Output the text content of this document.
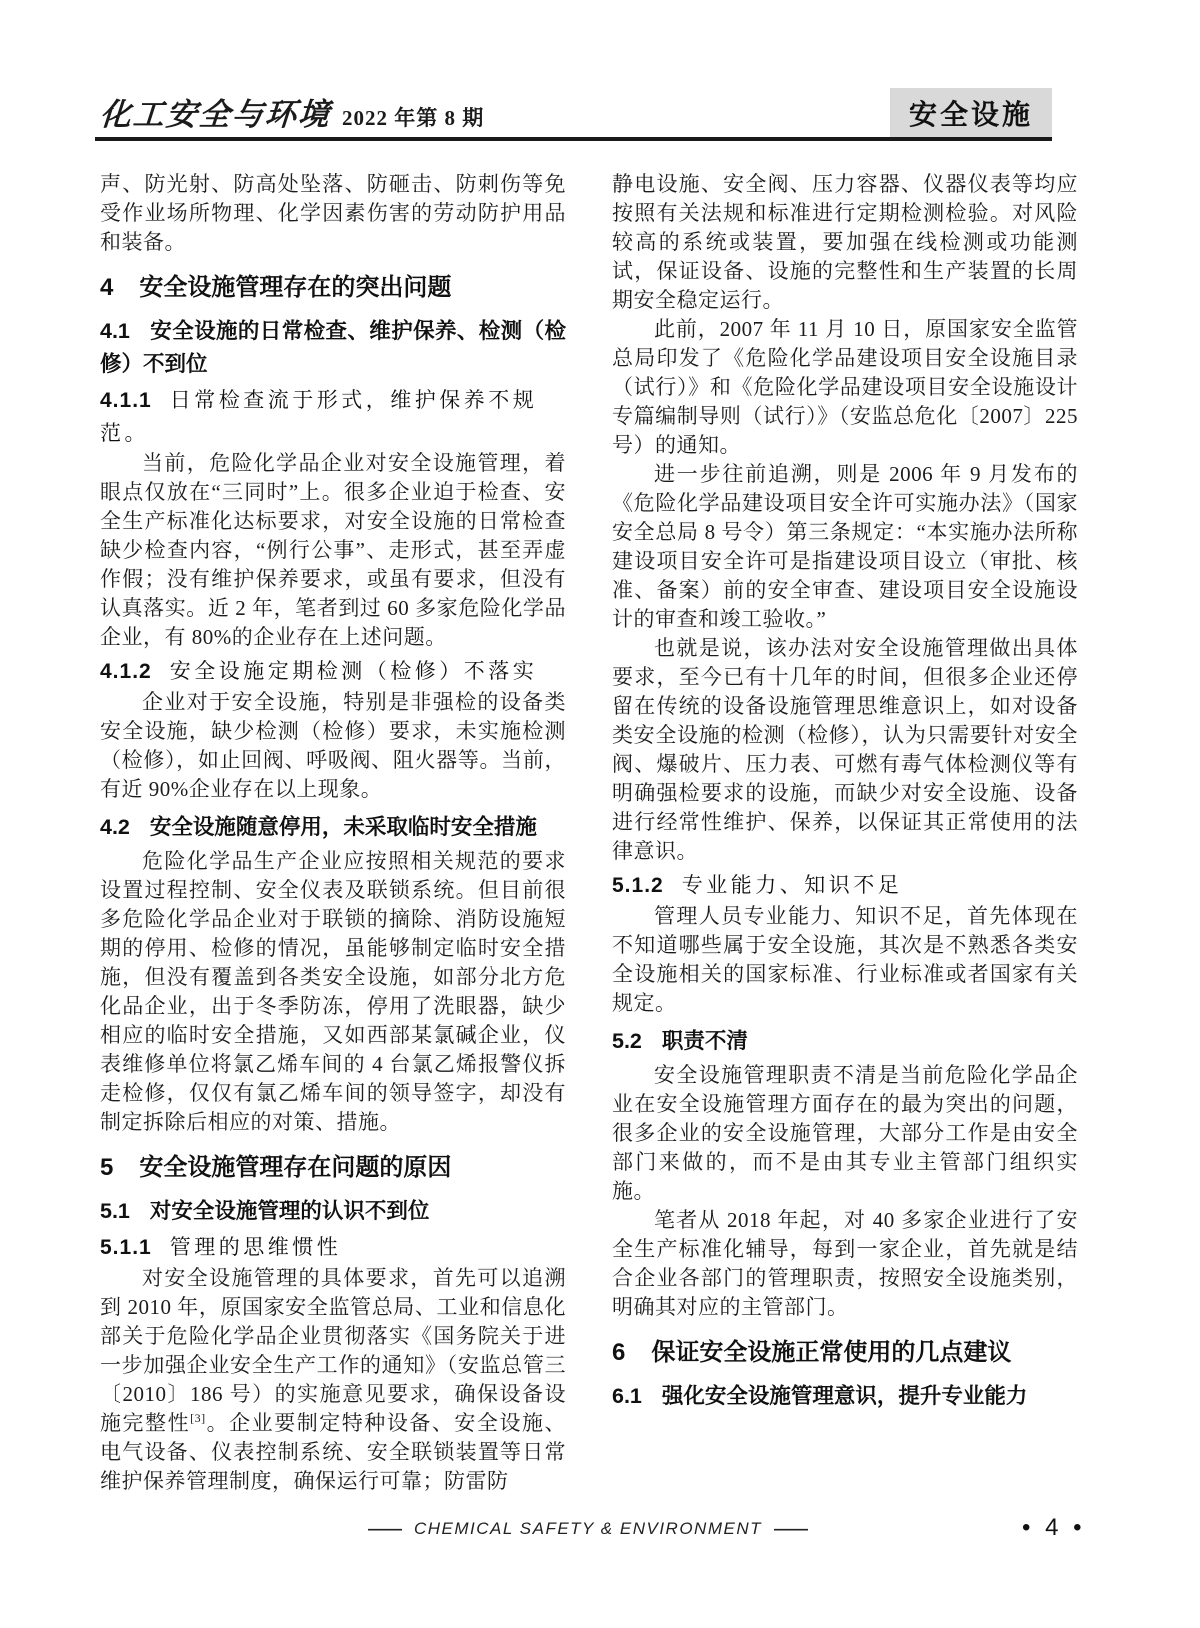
化工安全与环境 2022 年第 8 期	安全设施

声、防光射、防高处坠落、防砸击、防刺伤等免受作业场所物理、化学因素伤害的劳动防护用品和装备。

4 安全设施管理存在的突出问题
4.1 安全设施的日常检查、维护保养、检测（检修）不到位
4.1.1 日常检查流于形式，维护保养不规范。

当前，危险化学品企业对安全设施管理，着眼点仅放在“三同时”上。很多企业迫于检查、安全生产标准化达标要求，对安全设施的日常检查缺少检查内容，“例行公事”、走形式，甚至弄虚作假；没有维护保养要求，或虽有要求，但没有认真落实。近 2 年，笔者到过 60 多家危险化学品企业，有 80%的企业存在上述问题。

4.1.2 安全设施定期检测（检修）不落实

企业对于安全设施，特别是非强检的设备类安全设施，缺少检测（检修）要求，未实施检测（检修），如止回阀、呼吸阀、阻火器等。当前，有近 90%企业存在以上现象。

4.2 安全设施随意停用，未采取临时安全措施

危险化学品生产企业应按照相关规范的要求设置过程控制、安全仪表及联锁系统。但目前很多危险化学品企业对于联锁的摘除、消防设施短期的停用、检修的情况，虽能够制定临时安全措施，但没有覆盖到各类安全设施，如部分北方危化品企业，出于冬季防冻，停用了洗眼器，缺少相应的临时安全措施，又如西部某氯碱企业，仪表维修单位将氯乙烯车间的 4 台氯乙烯报警仪拆走检修，仅仅有氯乙烯车间的领导签字，却没有制定拆除后相应的对策、措施。

5 安全设施管理存在问题的原因
5.1 对安全设施管理的认识不到位
5.1.1 管理的思维惯性

对安全设施管理的具体要求，首先可以追溯到 2010 年，原国家安全监管总局、工业和信息化部关于危险化学品企业贯彻落实《国务院关于进一步加强企业安全生产工作的通知》（安监总管三〔2010〕186 号）的实施意见要求，确保设备设施完整性[3]。企业要制定特种设备、安全设施、电气设备、仪表控制系统、安全联锁装置等日常维护保养管理制度，确保运行可靠；防雷防

静电设施、安全阀、压力容器、仪器仪表等均应按照有关法规和标准进行定期检测检验。对风险较高的系统或装置，要加强在线检测或功能测试，保证设备、设施的完整性和生产装置的长周期安全稳定运行。

此前，2007 年 11 月 10 日，原国家安全监管总局印发了《危险化学品建设项目安全设施目录（试行）》和《危险化学品建设项目安全设施设计专篇编制导则（试行）》（安监总危化〔2007〕225 号）的通知。

进一步往前追溯，则是 2006 年 9 月发布的《危险化学品建设项目安全许可实施办法》（国家安全总局 8 号令）第三条规定：“本实施办法所称建设项目安全许可是指建设项目设立（审批、核准、备案）前的安全审查、建设项目安全设施设计的审查和竣工验收。”

也就是说，该办法对安全设施管理做出具体要求，至今已有十几年的时间，但很多企业还停留在传统的设备设施管理思维意识上，如对设备类安全设施的检测（检修），认为只需要针对安全阀、爆破片、压力表、可燃有毒气体检测仪等有明确强检要求的设施，而缺少对安全设施、设备进行经常性维护、保养，以保证其正常使用的法律意识。

5.1.2 专业能力、知识不足

管理人员专业能力、知识不足，首先体现在不知道哪些属于安全设施，其次是不熟悉各类安全设施相关的国家标准、行业标准或者国家有关规定。

5.2 职责不清

安全设施管理职责不清是当前危险化学品企业在安全设施管理方面存在的最为突出的问题，很多企业的安全设施管理，大部分工作是由安全部门来做的，而不是由其专业主管部门组织实施。

笔者从 2018 年起，对 40 多家企业进行了安全生产标准化辅导，每到一家企业，首先就是结合企业各部门的管理职责，按照安全设施类别，明确其对应的主管部门。

6 保证安全设施正常使用的几点建议
6.1 强化安全设施管理意识，提升专业能力
—— CHEMICAL SAFETY & ENVIRONMENT ——	• 4 •
